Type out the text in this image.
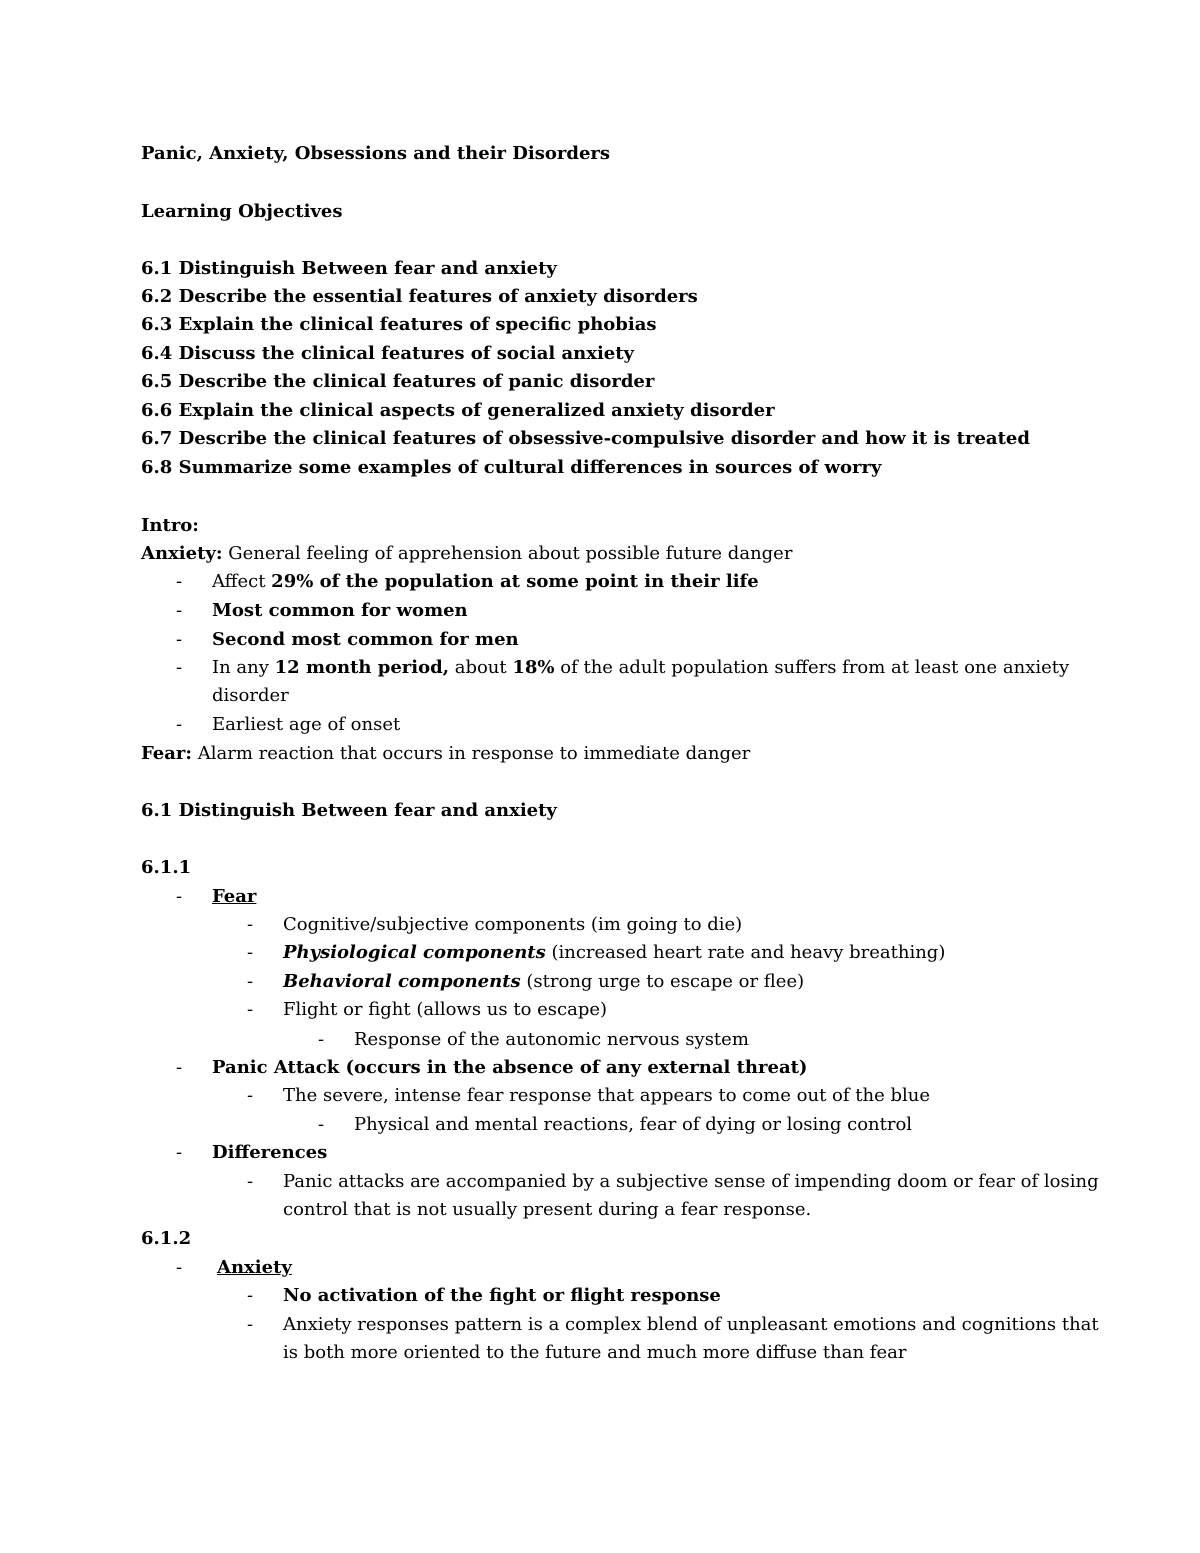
Panic, Anxiety, Obsessions and their Disorders
Learning Objectives
6.1 Distinguish Between fear and anxiety
6.2 Describe the essential features of anxiety disorders
6.3 Explain the clinical features of specific phobias
6.4 Discuss the clinical features of social anxiety
6.5 Describe the clinical features of panic disorder
6.6 Explain the clinical aspects of generalized anxiety disorder
6.7 Describe the clinical features of obsessive-compulsive disorder and how it is treated
6.8 Summarize some examples of cultural differences in sources of worry
Intro:
Anxiety: General feeling of apprehension about possible future danger
- Affect 29% of the population at some point in their life
- Most common for women
- Second most common for men
- In any 12 month period, about 18% of the adult population suffers from at least one anxiety
disorder
- Earliest age of onset
Fear: Alarm reaction that occurs in response to immediate danger
6.1 Distinguish Between fear and anxiety
6.1.1
- Fear
- Cognitive/subjective components (im going to die)
- Physiological components (increased heart rate and heavy breathing)
- Behavioral components (strong urge to escape or flee)
- Flight or fight (allows us to escape)
- Response of the autonomic nervous system
- Panic Attack (occurs in the absence of any external threat)
- The severe, intense fear response that appears to come out of the blue
- Physical and mental reactions, fear of dying or losing control
- Differences
- Panic attacks are accompanied by a subjective sense of impending doom or fear of losing
control that is not usually present during a fear response.
6.1.2
- Anxiety
- No activation of the fight or flight response
- Anxiety responses pattern is a complex blend of unpleasant emotions and cognitions that
is both more oriented to the future and much more diffuse than fear
